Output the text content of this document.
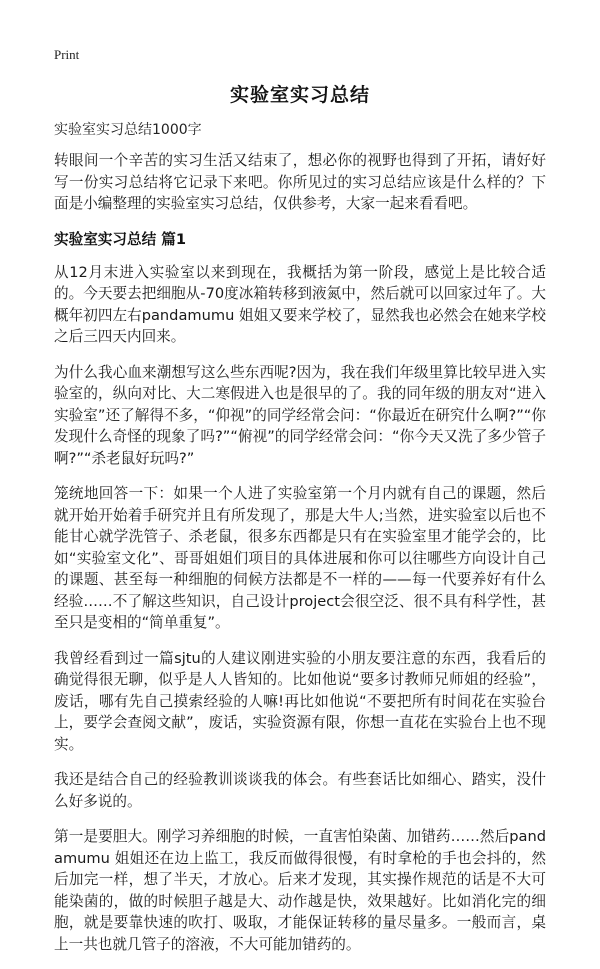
Print
实验室实习总结
实验室实习总结1000字

转眼间一个辛苦的实习生活又结束了，想必你的视野也得到了开拓，请好好写一份实习总结将它记录下来吧。你所见过的实习总结应该是什么样的？下面是小编整理的实验室实习总结，仅供参考，大家一起来看看吧。

实验室实习总结 篇1

从12月末进入实验室以来到现在，我概括为第一阶段，感觉上是比较合适的。今天要去把细胞从-70度冰箱转移到液氮中，然后就可以回家过年了。大概年初四左右pandamumu 姐姐又要来学校了，显然我也必然会在她来学校之后三四天内回来。

为什么我心血来潮想写这么些东西呢?因为，我在我们年级里算比较早进入实验室的，纵向对比、大二寒假进入也是很早的了。我的同年级的朋友对“进入实验室”还了解得不多，“仰视”的同学经常会问：“你最近在研究什么啊?”“你发现什么奇怪的现象了吗?”“俯视”的同学经常会问：“你今天又洗了多少管子啊?”“杀老鼠好玩吗?”

笼统地回答一下：如果一个人进了实验室第一个月内就有自己的课题，然后就开始开始着手研究并且有所发现了，那是大牛人;当然，进实验室以后也不能甘心就学洗管子、杀老鼠，很多东西都是只有在实验室里才能学会的，比如“实验室文化”、哥哥姐姐们项目的具体进展和你可以往哪些方向设计自己的课题、甚至每一种细胞的伺候方法都是不一样的——每一代要养好有什么经验……不了解这些知识，自己设计project会很空泛、很不具有科学性，甚至只是变相的“简单重复”。

我曾经看到过一篇sjtu的人建议刚进实验的小朋友要注意的东西，我看后的确觉得很无聊，似乎是人人皆知的。比如他说“要多讨教师兄师姐的经验”，废话，哪有先自己摸索经验的人嘛!再比如他说“不要把所有时间花在实验台上，要学会查阅文献”，废话，实验资源有限，你想一直花在实验台上也不现实。

我还是结合自己的经验教训谈谈我的体会。有些套话比如细心、踏实，没什么好多说的。

第一是要胆大。刚学习养细胞的时候，一直害怕染菌、加错药……然后pandamumu 姐姐还在边上监工，我反而做得很慢，有时拿枪的手也会抖的，然后加完一样，想了半天，才放心。后来才发现，其实操作规范的话是不大可能染菌的，做的时候胆子越是大、动作越是快，效果越好。比如消化完的细胞，就是要靠快速的吹打、吸取，才能保证转移的量尽量多。一般而言，桌上一共也就几管子的溶液，不大可能加错药的。
